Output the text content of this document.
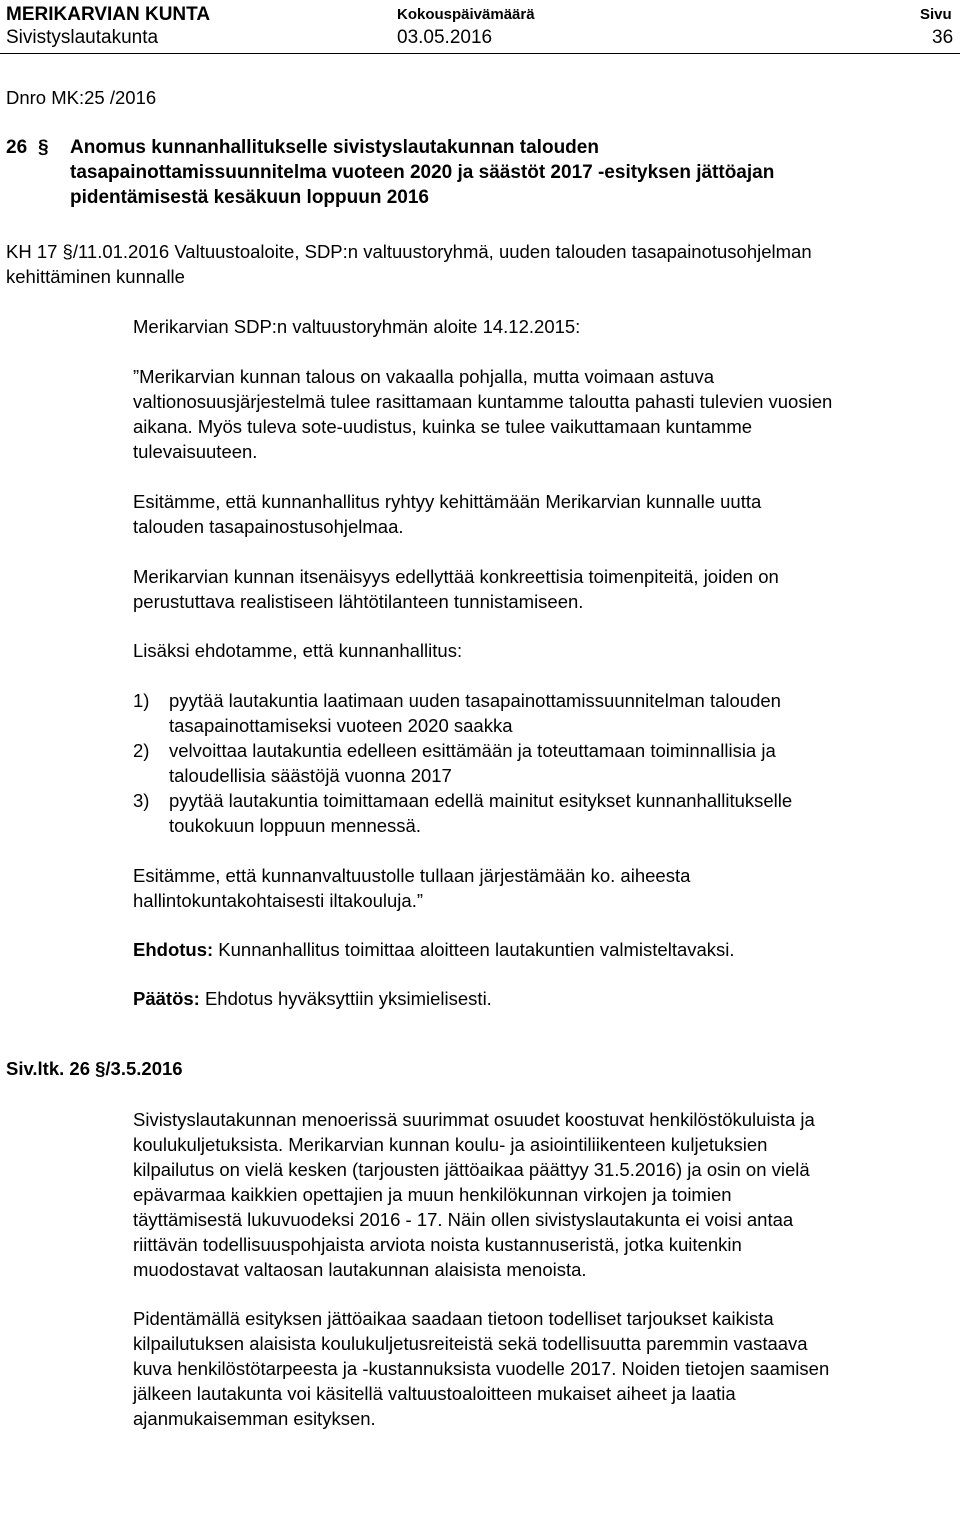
MERIKARVIAN KUNTA	Kokouspäivämäärä	Sivu
Sivistyslautakunta	03.05.2016	36
Dnro MK:25 /2016
26 § Anomus kunnanhallitukselle sivistyslautakunnan talouden
tasapainottamissuunnitelma vuoteen 2020 ja säästöt 2017 -esityksen jättöajan
pidentämisestä kesäkuun loppuun 2016
KH 17 §/11.01.2016 Valtuustoaloite, SDP:n valtuustoryhmä, uuden talouden tasapainotusohjelman
kehittäminen kunnalle
Merikarvian SDP:n valtuustoryhmän aloite 14.12.2015:
”Merikarvian kunnan talous on vakaalla pohjalla, mutta voimaan astuva
valtionosuusjärjestelmä tulee rasittamaan kuntamme taloutta pahasti tulevien vuosien
aikana. Myös tuleva sote-uudistus, kuinka se tulee vaikuttamaan kuntamme
tulevaisuuteen.
Esitämme, että kunnanhallitus ryhtyy kehittämään Merikarvian kunnalle uutta
talouden tasapainostusohjelmaa.
Merikarvian kunnan itsenäisyys edellyttää konkreettisia toimenpiteitä, joiden on
perustuttava realistiseen lähtötilanteen tunnistamiseen.
Lisäksi ehdotamme, että kunnanhallitus:
1) pyytää lautakuntia laatimaan uuden tasapainottamissuunnitelman talouden
tasapainottamiseksi vuoteen 2020 saakka
2) velvoittaa lautakuntia edelleen esittämään ja toteuttamaan toiminnallisia ja
taloudellisia säästöjä vuonna 2017
3) pyytää lautakuntia toimittamaan edellä mainitut esitykset kunnanhallitukselle
toukokuun loppuun mennessä.
Esitämme, että kunnanvaltuustolle tullaan järjestämään ko. aiheesta
hallintokuntakohtaisesti iltakouluja.”
Ehdotus: Kunnanhallitus toimittaa aloitteen lautakuntien valmisteltavaksi.
Päätös: Ehdotus hyväksyttiin yksimielisesti.
Siv.ltk. 26 §/3.5.2016
Sivistyslautakunnan menoerissä suurimmat osuudet koostuvat henkilöstökuluista ja
koulukuljetuksista. Merikarvian kunnan koulu- ja asiointiliikenteen kuljetuksien
kilpailutus on vielä kesken (tarjousten jättöaikaa päättyy 31.5.2016) ja osin on vielä
epävarmaa kaikkien opettajien ja muun henkilökunnan virkojen ja toimien
täyttämisestä lukuvuodeksi 2016 - 17. Näin ollen sivistyslautakunta ei voisi antaa
riittävän todellisuuspohjaista arviota noista kustannuseristä, jotka kuitenkin
muodostavat valtaosan lautakunnan alaisista menoista.
Pidentämällä esityksen jättöaikaa saadaan tietoon todelliset tarjoukset kaikista
kilpailutuksen alaisista koulukuljetusreiteistä sekä todellisuutta paremmin vastaava
kuva henkilöstötarpeesta ja -kustannuksista vuodelle 2017. Noiden tietojen saamisen
jälkeen lautakunta voi käsitellä valtuustoaloitteen mukaiset aiheet ja laatia
ajanmukaisemman esityksen.
